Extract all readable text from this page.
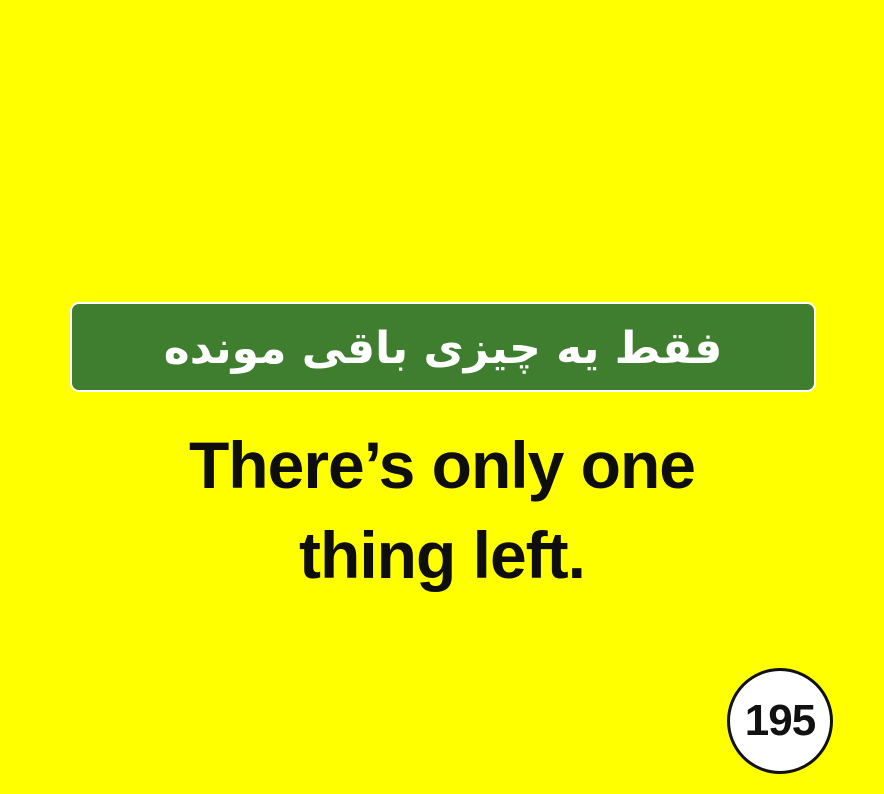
فقط یه چیزی باقی مونده
There’s only one
thing left.
195
